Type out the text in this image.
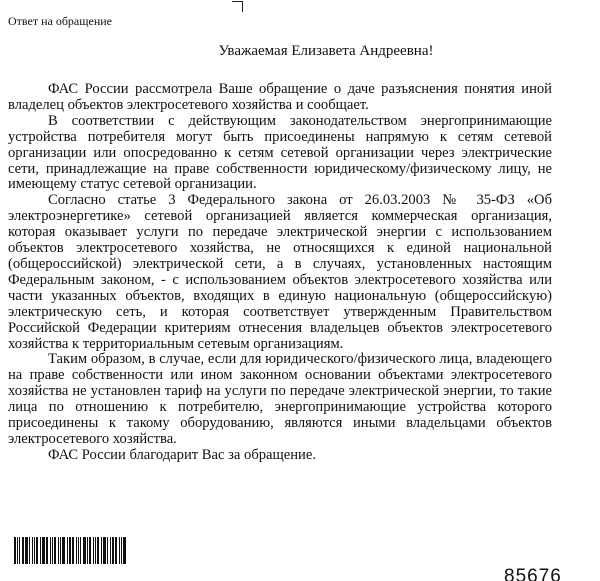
Ответ на обращение
Уважаемая Елизавета Андреевна!

ФАС России рассмотрела Ваше обращение о даче разъяснения понятия иной владелец объектов электросетевого хозяйства и сообщает.

В соответствии с действующим законодательством энергопринимающие устройства потребителя могут быть присоединены напрямую к сетям сетевой организации или опосредованно к сетям сетевой организации через электрические сети, принадлежащие на праве собственности юридическому/физическому лицу, не имеющему статус сетевой организации.

Согласно статье 3 Федерального закона от 26.03.2003 № 35-ФЗ «Об электроэнергетике» сетевой организацией является коммерческая организация, которая оказывает услуги по передаче электрической энергии с использованием объектов электросетевого хозяйства, не относящихся к единой национальной (общероссийской) электрической сети, а в случаях, установленных настоящим Федеральным законом, - с использованием объектов электросетевого хозяйства или части указанных объектов, входящих в единую национальную (общероссийскую) электрическую сеть, и которая соответствует утвержденным Правительством Российской Федерации критериям отнесения владельцев объектов электросетевого хозяйства к территориальным сетевым организациям.

Таким образом, в случае, если для юридического/физического лица, владеющего на праве собственности или ином законном основании объектами электросетевого хозяйства не установлен тариф на услуги по передаче электрической энергии, то такие лица по отношению к потребителю, энергопринимающие устройства которого присоединены к такому оборудованию, являются иными владельцами объектов электросетевого хозяйства.

ФАС России благодарит Вас за обращение.

85676
